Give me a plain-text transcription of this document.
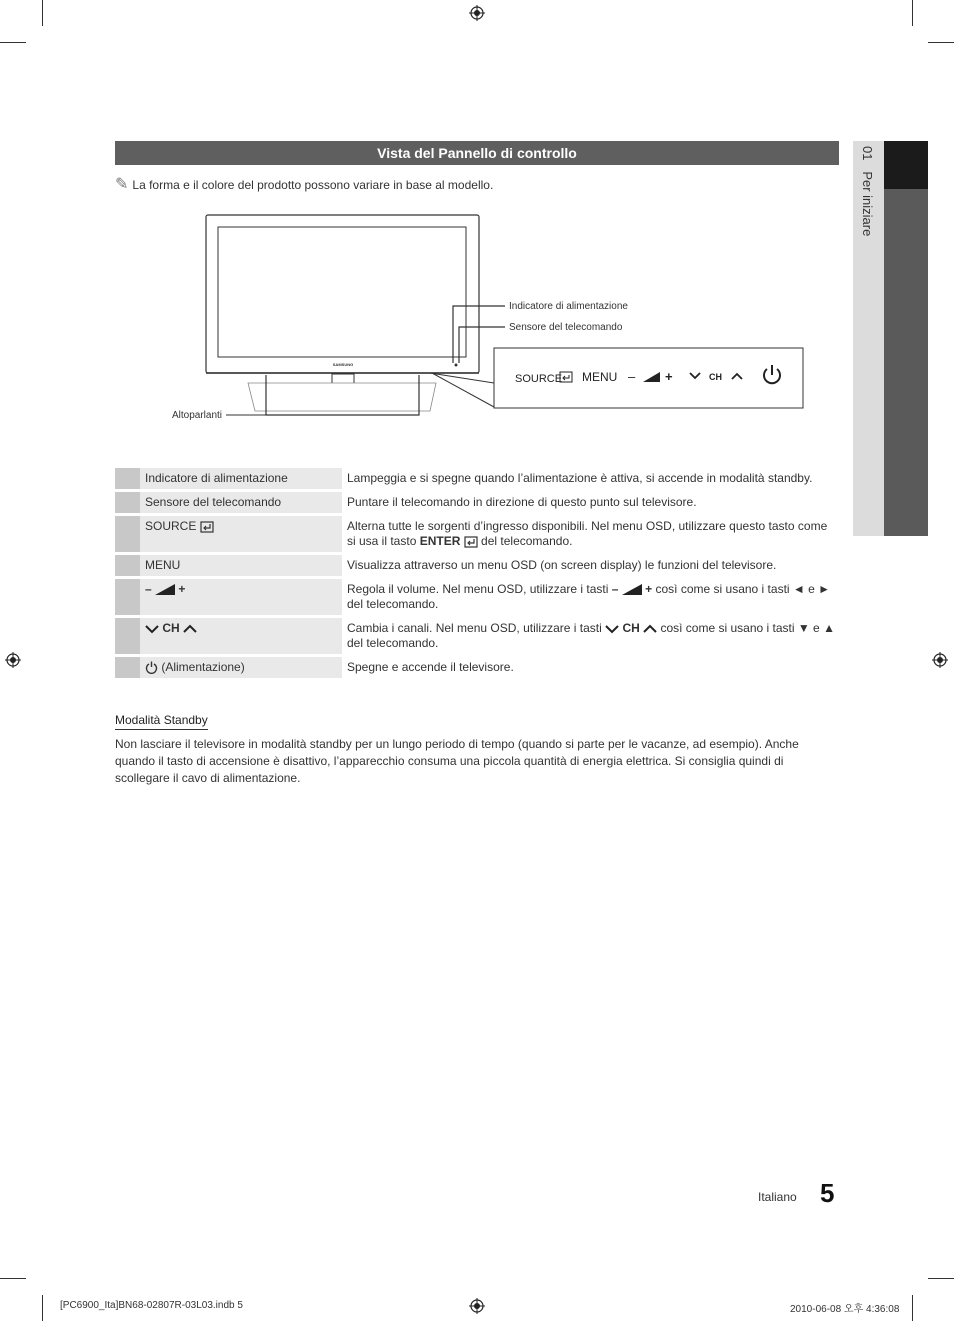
Vista del Pannello di controllo	01   Per iniziare
✎ La forma e il colore del prodotto possono variare in base al modello.
SAMSUNG
Altoparlanti
Indicatore di alimentazione
Sensore del telecomando
SOURCE MENU – +	CH
Indicatore di alimentazione	Lampeggia e si spegne quando l’alimentazione è attiva, si accende in modalità standby.
Sensore del telecomando	Puntare il telecomando in direzione di questo punto sul televisore.
SOURCE	Alterna tutte le sorgenti d’ingresso disponibili. Nel menu OSD, utilizzare questo tasto come si usa il tasto ENTER  del telecomando.
MENU	Visualizza attraverso un menu OSD (on screen display) le funzioni del televisore.
– +	Regola il volume. Nel menu OSD, utilizzare i tasti – + così come si usano i tasti ◄ e ►
del telecomando.
CH	Cambia i canali. Nel menu OSD, utilizzare i tasti  CH  così come si usano i tasti ▼ e ▲
del telecomando.
(Alimentazione)	Spegne e accende il televisore.
Modalità Standby
Non lasciare il televisore in modalità standby per un lungo periodo di tempo (quando si parte per le vacanze, ad esempio). Anche quando il tasto di accensione è disattivo, l’apparecchio consuma una piccola quantità di energia elettrica. Si consiglia quindi di scollegare il cavo di alimentazione.
Italiano 5
[PC6900_Ita]BN68-02807R-03L03.indb 5	2010-06-08 오후 4:36:08
